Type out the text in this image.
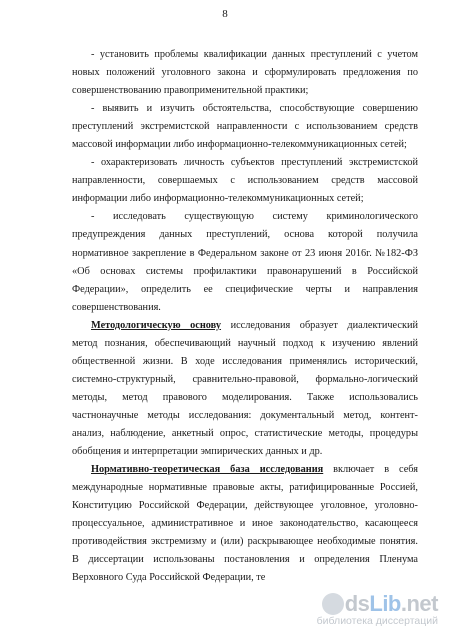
8

- установить проблемы квалификации данных преступлений с учетом
новых положений уголовного закона и сформулировать предложения по
совершенствованию правоприменительной практики;

- выявить и изучить обстоятельства, способствующие совершению
преступлений экстремистской направленности с использованием средств
массовой информации либо информационно-телекоммуникационных сетей;

- охарактеризовать личность субъектов преступлений экстремистской
направленности, совершаемых с использованием средств массовой
информации либо информационно-телекоммуникационных сетей;

- исследовать существующую систему криминологического
предупреждения данных преступлений, основа которой получила
нормативное закрепление в Федеральном законе от 23 июня 2016г. №182-ФЗ
«Об основах системы профилактики правонарушений в Российской
Федерации», определить ее специфические черты и направления
совершенствования.

Методологическую основу исследования образует диалектический
метод познания, обеспечивающий научный подход к изучению явлений
общественной жизни. В ходе исследования применялись исторический,
системно-структурный, сравнительно-правовой, формально-логический
методы, метод правового моделирования. Также использовались
частнонаучные методы исследования: документальный метод, контент-
анализ, наблюдение, анкетный опрос, статистические методы, процедуры
обобщения и интерпретации эмпирических данных и др.

Нормативно-теоретическая база исследования включает в себя
международные нормативные правовые акты, ратифицированные Россией,
Конституцию Российской Федерации, действующее уголовное, уголовно-
процессуальное, административное и иное законодательство, касающееся
противодействия экстремизму и (или) раскрывающее необходимые понятия.
В диссертации использованы постановления и определения Пленума
Верховного Суда Российской Федерации, те

dsLib.net
библиотека диссертаций
